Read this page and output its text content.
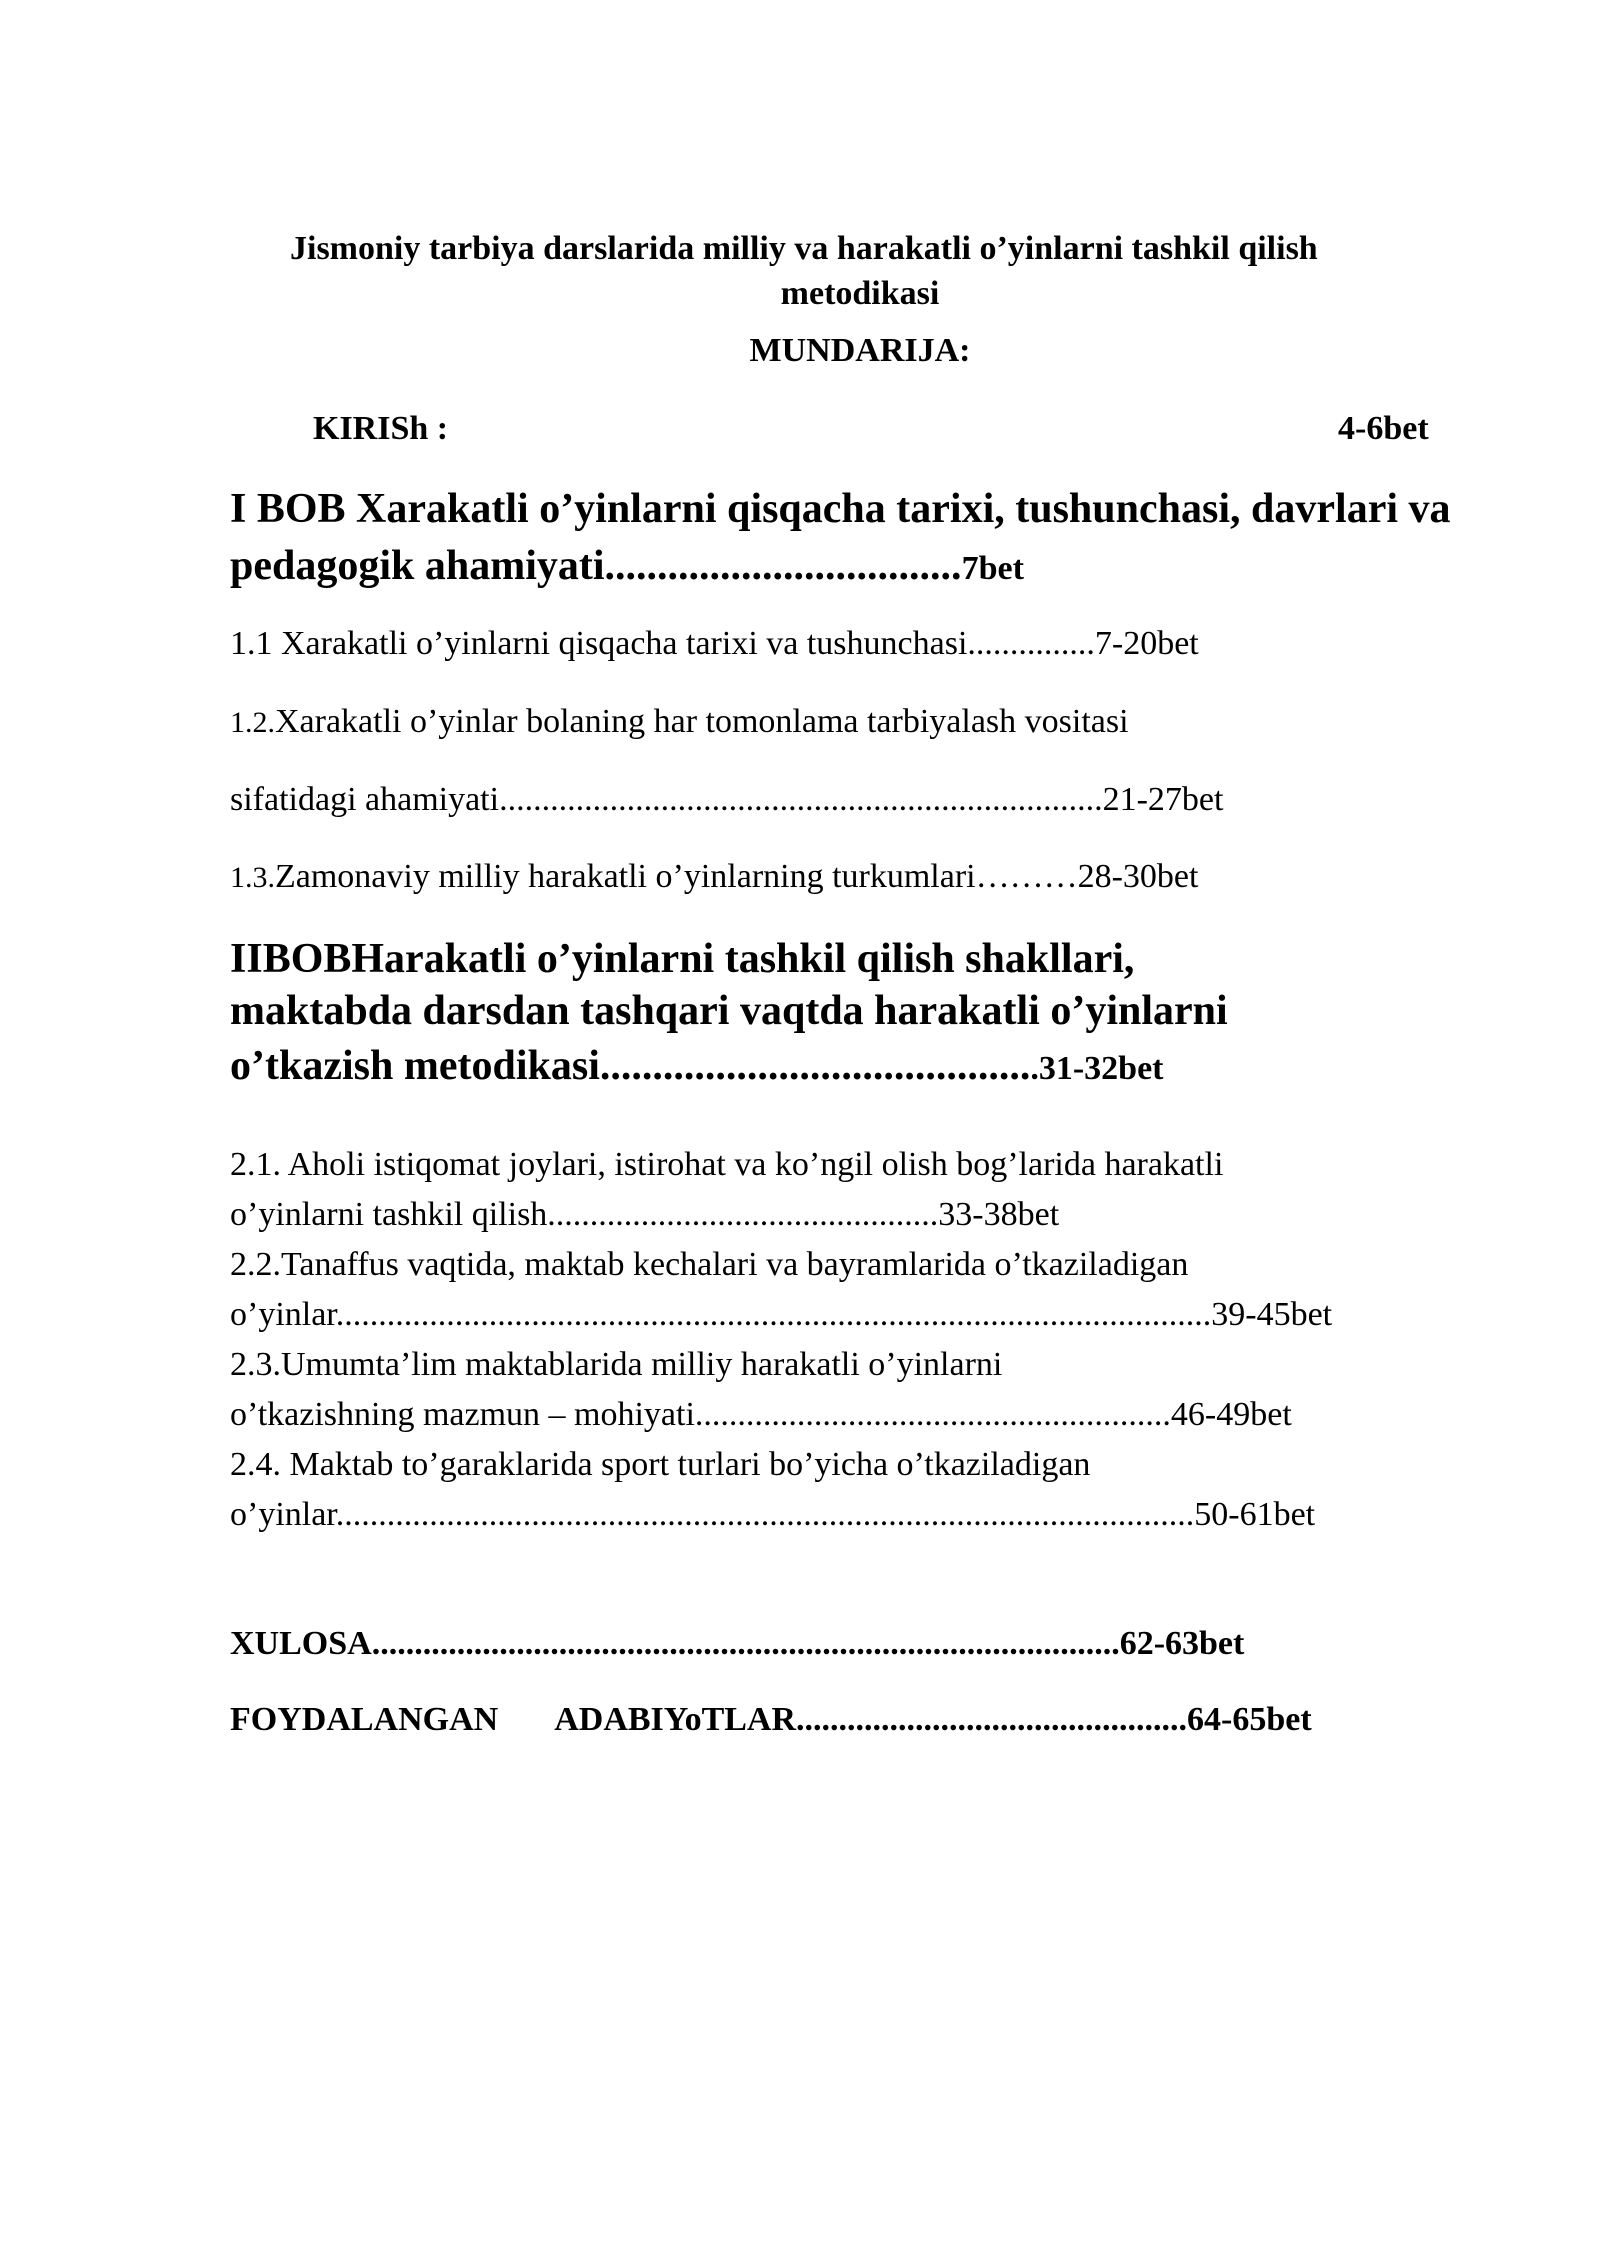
Jismoniy tarbiya darslarida milliy va harakatli o’yinlarni tashkil qilish
metodikasi
MUNDARIJA:
KIRISh :	4-6bet
I BOB Xarakatli o’yinlarni qisqacha tarixi, tushunchasi, davrlari va
pedagogik ahamiyati..................................7bet
1.1 Xarakatli o’yinlarni qisqacha tarixi va tushunchasi...............7-20bet
1.2.Xarakatli o’yinlar bolaning har tomonlama tarbiyalash vositasi
sifatidagi ahamiyati.......................................................................21-27bet
1.3.Zamonaviy milliy harakatli o’yinlarning turkumlari………28-30bet
IIBOBHarakatli o’yinlarni tashkil qilish shakllari,
maktabda darsdan tashqari vaqtda harakatli o’yinlarni
o’tkazish metodikasi..........................................31-32bet
2.1. Aholi istiqomat joylari, istirohat va ko’ngil olish bog’larida harakatli
o’yinlarni tashkil qilish..............................................33-38bet
2.2.Tanaffus vaqtida, maktab kechalari va bayramlarida o’tkaziladigan
o’yinlar.......................................................................................................39-45bet
2.3.Umumta’lim maktablarida milliy harakatli o’yinlarni
o’tkazishning mazmun – mohiyati........................................................46-49bet
2.4. Maktab to’garaklarida sport turlari bo’yicha o’tkaziladigan
o’yinlar.....................................................................................................50-61bet
XULOSA........................................................................................62-63bet
FOYDALANGAN ADABIYoTLAR..............................................64-65bet
